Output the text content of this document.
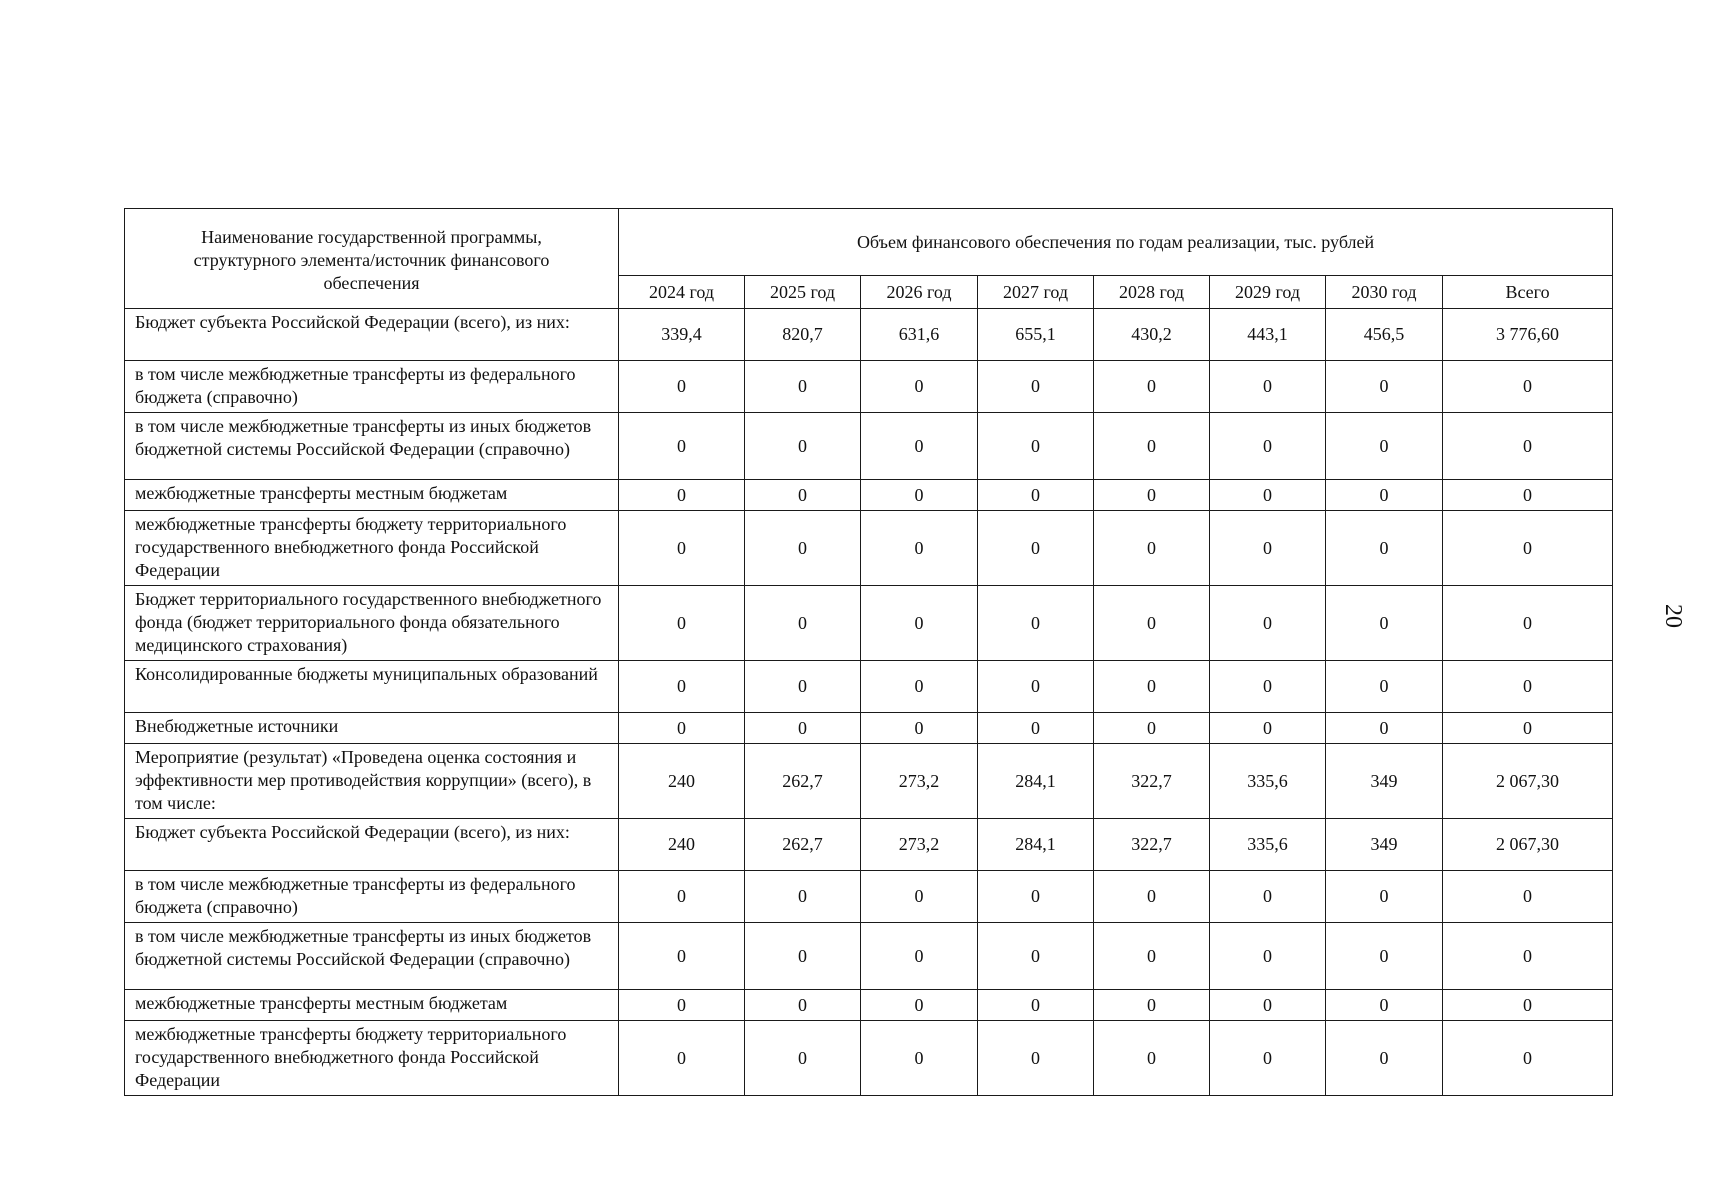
Наименование государственной программы, структурного элемента/источник финансового обеспечения	Объем финансового обеспечения по годам реализации, тыс. рублей							
	2024 год	2025 год	2026 год	2027 год	2028 год	2029 год	2030 год	Всего
Бюджет субъекта Российской Федерации (всего), из них:	339,4	820,7	631,6	655,1	430,2	443,1	456,5	3 776,60
в том числе межбюджетные трансферты из федерального бюджета (справочно)	0	0	0	0	0	0	0	0
в том числе межбюджетные трансферты из иных бюджетов бюджетной системы Российской Федерации (справочно)	0	0	0	0	0	0	0	0
межбюджетные трансферты местным бюджетам	0	0	0	0	0	0	0	0
межбюджетные трансферты бюджету территориального государственного внебюджетного фонда Российской Федерации	0	0	0	0	0	0	0	0
Бюджет территориального государственного внебюджетного фонда (бюджет территориального фонда обязательного медицинского страхования)	0	0	0	0	0	0	0	0
Консолидированные бюджеты муниципальных образований	0	0	0	0	0	0	0	0
Внебюджетные источники	0	0	0	0	0	0	0	0
Мероприятие (результат) «Проведена оценка состояния и эффективности мер противодействия коррупции» (всего), в том числе:	240	262,7	273,2	284,1	322,7	335,6	349	2 067,30
Бюджет субъекта Российской Федерации (всего), из них:	240	262,7	273,2	284,1	322,7	335,6	349	2 067,30
в том числе межбюджетные трансферты из федерального бюджета (справочно)	0	0	0	0	0	0	0	0
в том числе межбюджетные трансферты из иных бюджетов бюджетной системы Российской Федерации (справочно)	0	0	0	0	0	0	0	0
межбюджетные трансферты местным бюджетам	0	0	0	0	0	0	0	0
межбюджетные трансферты бюджету территориального государственного внебюджетного фонда Российской Федерации	0	0	0	0	0	0	0	0
20
